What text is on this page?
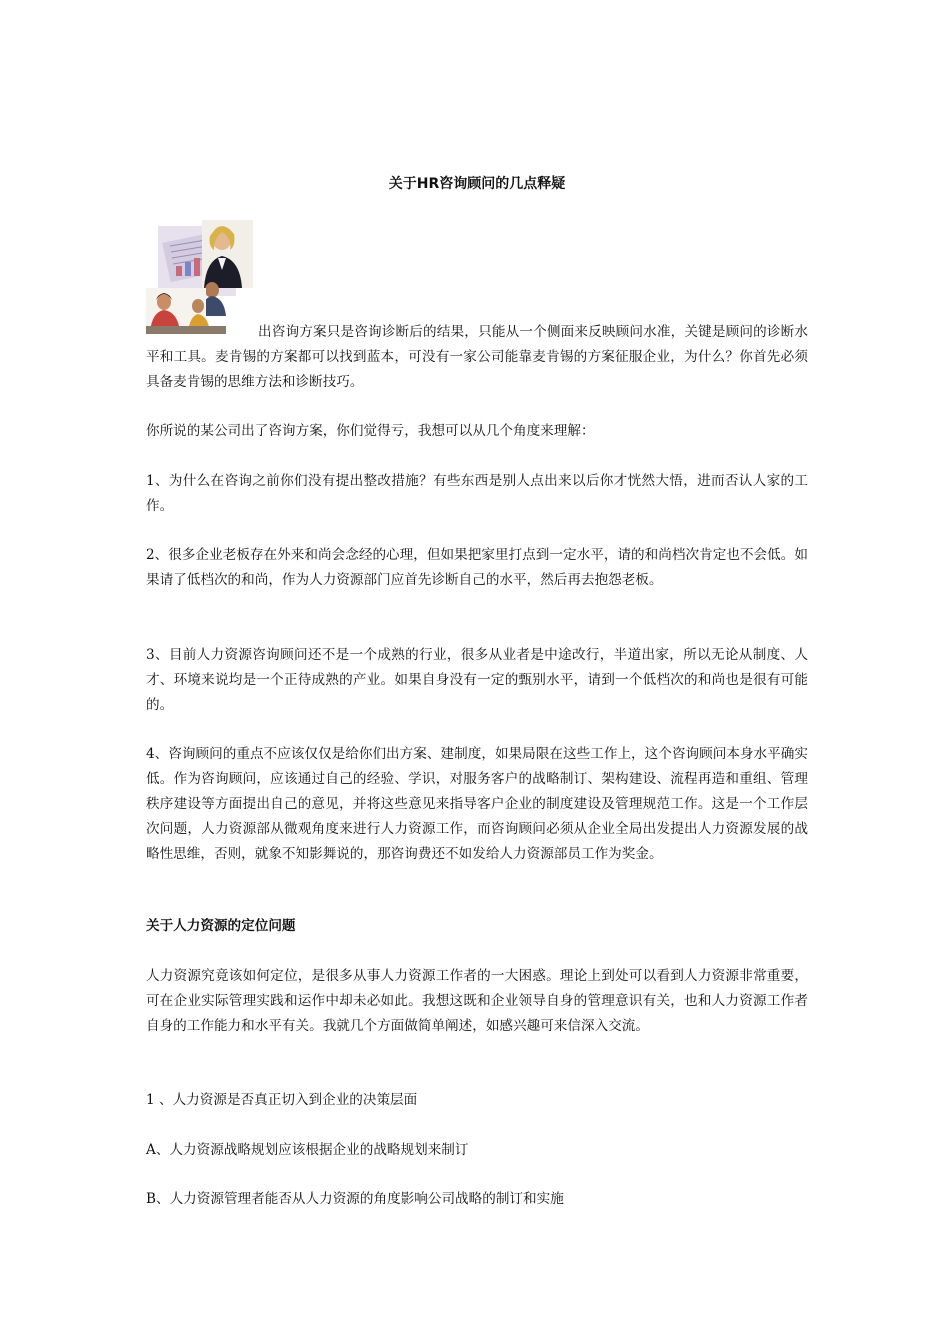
关于HR咨询顾问的几点释疑

出咨询方案只是咨询诊断后的结果，只能从一个侧面来反映顾问水准，关键是顾问的诊断水平和工具。麦肯锡的方案都可以找到蓝本，可没有一家公司能靠麦肯锡的方案征服企业，为什么？你首先必须具备麦肯锡的思维方法和诊断技巧。

你所说的某公司出了咨询方案，你们觉得亏，我想可以从几个角度来理解：

1、为什么在咨询之前你们没有提出整改措施？有些东西是别人点出来以后你才恍然大悟，进而否认人家的工作。

2、很多企业老板存在外来和尚会念经的心理，但如果把家里打点到一定水平，请的和尚档次肯定也不会低。如果请了低档次的和尚，作为人力资源部门应首先诊断自己的水平，然后再去抱怨老板。

3、目前人力资源咨询顾问还不是一个成熟的行业，很多从业者是中途改行，半道出家，所以无论从制度、人才、环境来说均是一个正待成熟的产业。如果自身没有一定的甄别水平，请到一个低档次的和尚也是很有可能的。

4、咨询顾问的重点不应该仅仅是给你们出方案、建制度，如果局限在这些工作上，这个咨询顾问本身水平确实低。作为咨询顾问，应该通过自己的经验、学识，对服务客户的战略制订、架构建设、流程再造和重组、管理秩序建设等方面提出自己的意见，并将这些意见来指导客户企业的制度建设及管理规范工作。这是一个工作层次问题，人力资源部从微观角度来进行人力资源工作，而咨询顾问必须从企业全局出发提出人力资源发展的战略性思维，否则，就象不知影舞说的，那咨询费还不如发给人力资源部员工作为奖金。

关于人力资源的定位问题

人力资源究竟该如何定位，是很多从事人力资源工作者的一大困惑。理论上到处可以看到人力资源非常重要，可在企业实际管理实践和运作中却未必如此。我想这既和企业领导自身的管理意识有关，也和人力资源工作者自身的工作能力和水平有关。我就几个方面做简单阐述，如感兴趣可来信深入交流。

1 、人力资源是否真正切入到企业的决策层面

A、人力资源战略规划应该根据企业的战略规划来制订

B、人力资源管理者能否从人力资源的角度影响公司战略的制订和实施
